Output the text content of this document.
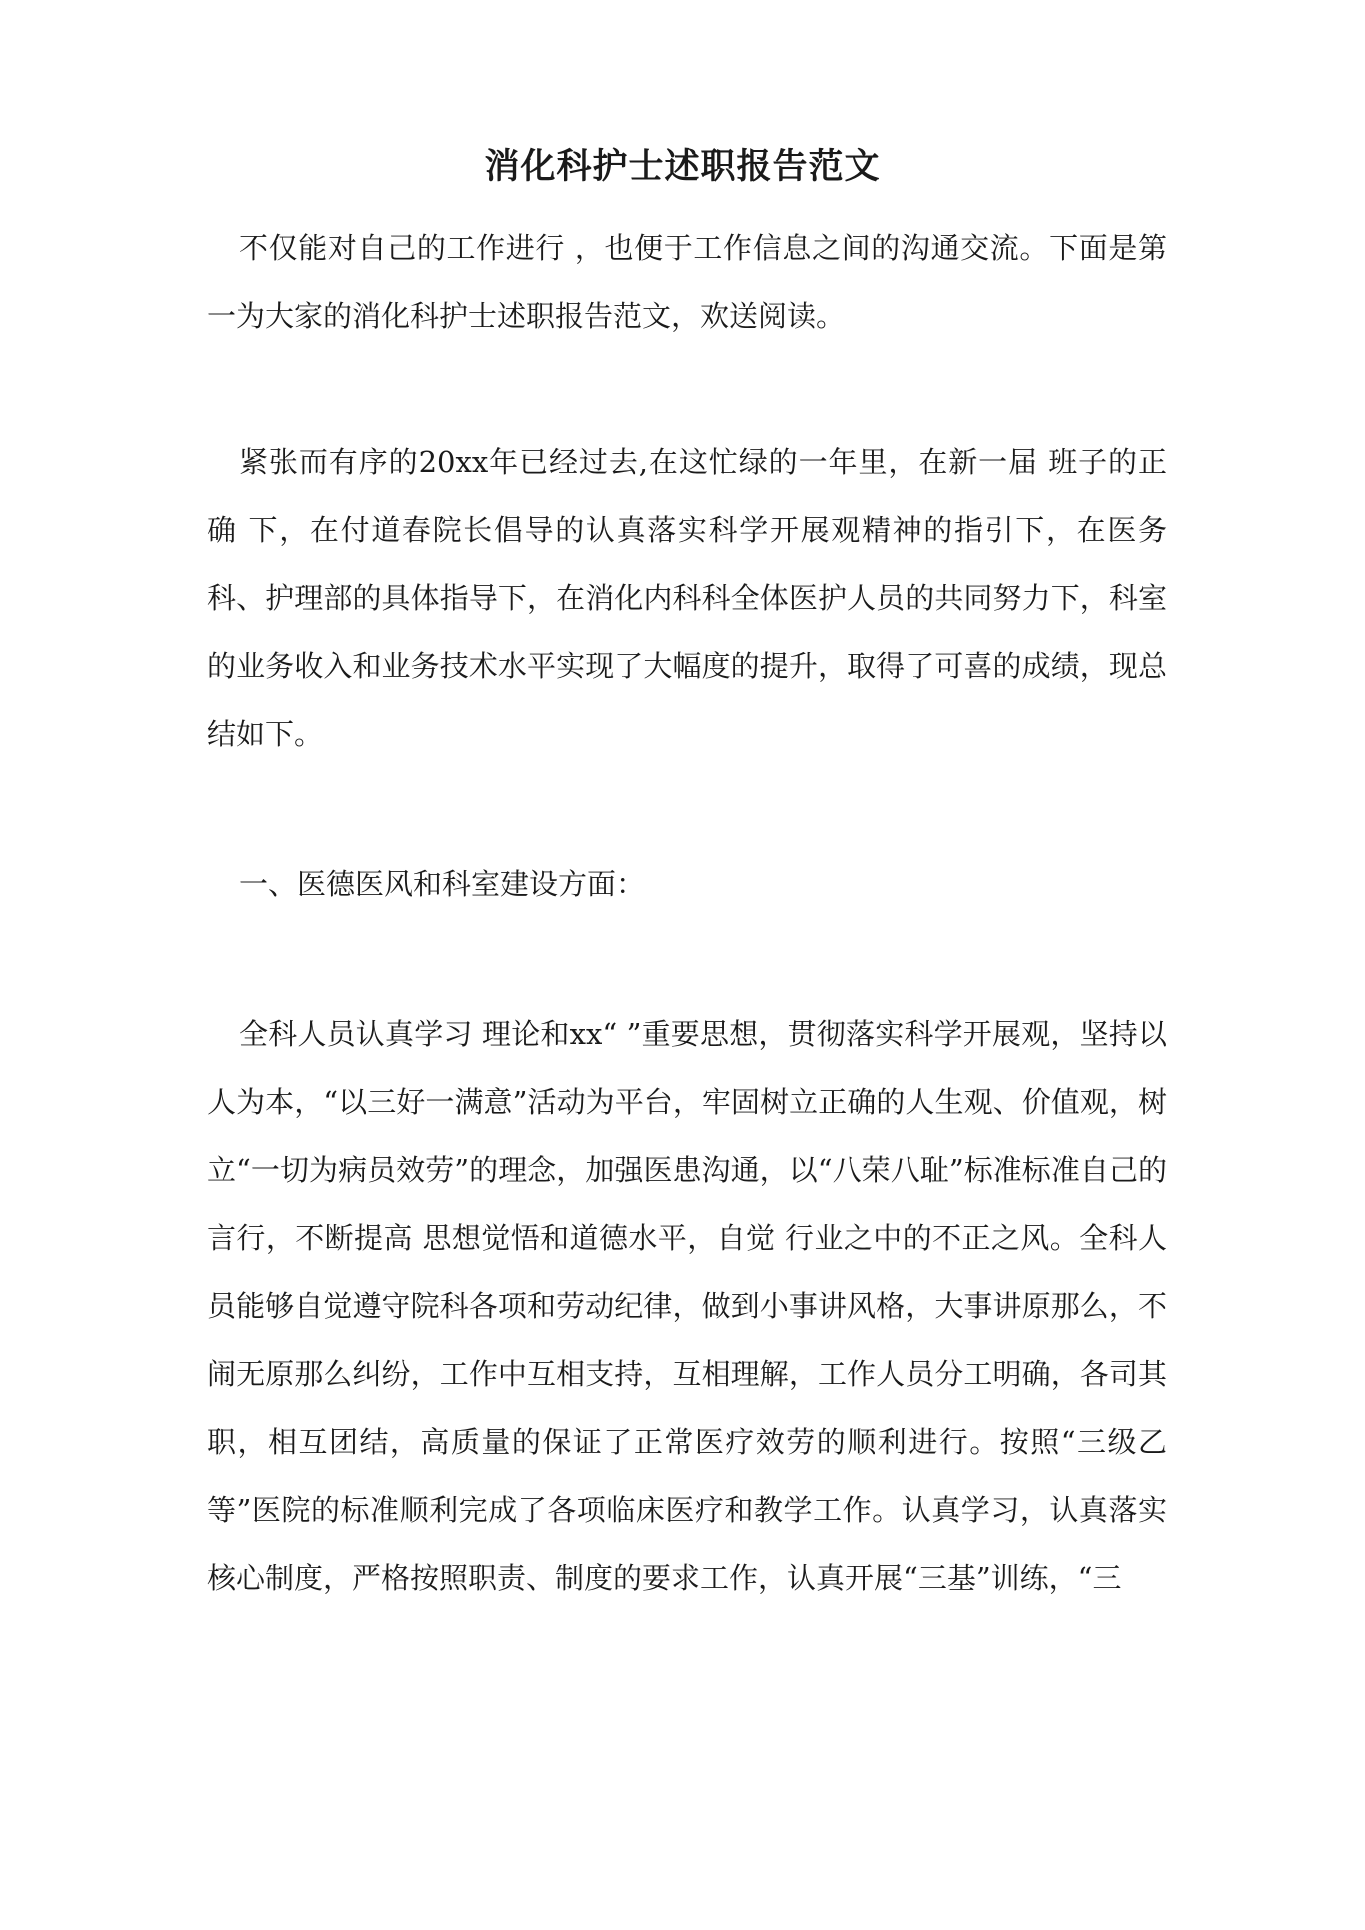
消化科护士述职报告范文

不仅能对自己的工作进行 ，也便于工作信息之间的沟通交流。下面是第一为大家的消化科护士述职报告范文，欢送阅读。

紧张而有序的20xx年已经过去,在这忙绿的一年里，在新一届 班子的正确 下，在付道春院长倡导的认真落实科学开展观精神的指引下，在医务科、护理部的具体指导下，在消化内科科全体医护人员的共同努力下，科室的业务收入和业务技术水平实现了大幅度的提升，取得了可喜的成绩，现总结如下。

一、医德医风和科室建设方面：

全科人员认真学习 理论和xx“ ”重要思想，贯彻落实科学开展观，坚持以人为本，“以三好一满意”活动为平台，牢固树立正确的人生观、价值观，树立“一切为病员效劳”的理念，加强医患沟通，以“八荣八耻”标准标准自己的言行，不断提高 思想觉悟和道德水平，自觉 行业之中的不正之风。全科人员能够自觉遵守院科各项和劳动纪律，做到小事讲风格，大事讲原那么，不闹无原那么纠纷，工作中互相支持，互相理解，工作人员分工明确，各司其职，相互团结，高质量的保证了正常医疗效劳的顺利进行。按照“三级乙等”医院的标准顺利完成了各项临床医疗和教学工作。认真学习，认真落实核心制度，严格按照职责、制度的要求工作，认真开展“三基”训练，“三
